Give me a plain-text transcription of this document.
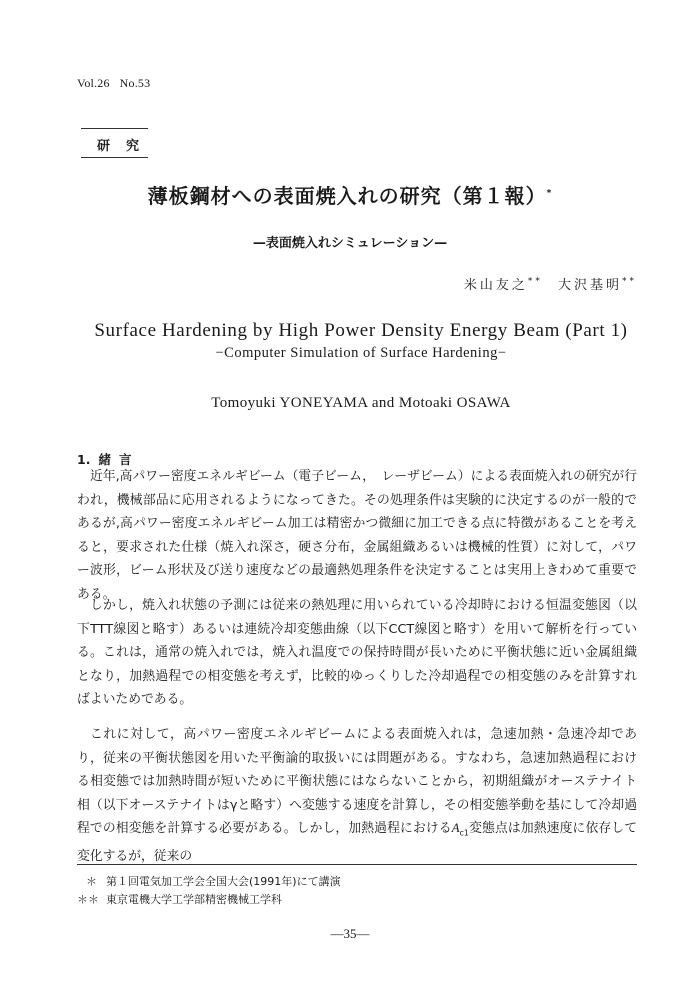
Vol.26 No.53
研究
薄板鋼材への表面焼入れの研究（第１報）*
—表面焼入れシミュレーション—
米山友之** 大沢基明**
Surface Hardening by High Power Density Energy Beam (Part 1)
−Computer Simulation of Surface Hardening−
Tomoyuki YONEYAMA and Motoaki OSAWA
1. 緒言

近年,高パワー密度エネルギビーム（電子ビーム，　レーザビーム）による表面焼入れの研究が行われ，機械部品に応用されるようになってきた。その処理条件は実験的に決定するのが一般的であるが,高パワー密度エネルギビーム加工は精密かつ微細に加工できる点に特徴があることを考えると，要求された仕様（焼入れ深さ，硬さ分布，金属組織あるいは機械的性質）に対して，パワー波形，ビーム形状及び送り速度などの最適熱処理条件を決定することは実用上きわめて重要である。

しかし，焼入れ状態の予測には従来の熱処理に用いられている冷却時における恒温変態図（以下TTT線図と略す）あるいは連続冷却変態曲線（以下CCT線図と略す）を用いて解析を行っている。これは，通常の焼入れでは，焼入れ温度での保持時間が長いために平衡状態に近い金属組織となり，加熱過程での相変態を考えず，比較的ゆっくりした冷却過程での相変態のみを計算すればよいためである。

これに対して，高パワー密度エネルギビームによる表面焼入れは，急速加熱・急速冷却であり，従来の平衡状態図を用いた平衡論的取扱いには問題がある。すなわち，急速加熱過程における相変態では加熱時間が短いために平衡状態にはならないことから，初期組織がオーステナイト相（以下オーステナイトはγと略す）へ変態する速度を計算し，その相変態挙動を基にして冷却過程での相変態を計算する必要がある。しかし，加熱過程における$A_{c1}$変態点は加熱速度に依存して変化するが，従来の

＊ 第１回電気加工学会全国大会(1991年)にて講演
＊＊ 東京電機大学工学部精密機械工学科
—35—
